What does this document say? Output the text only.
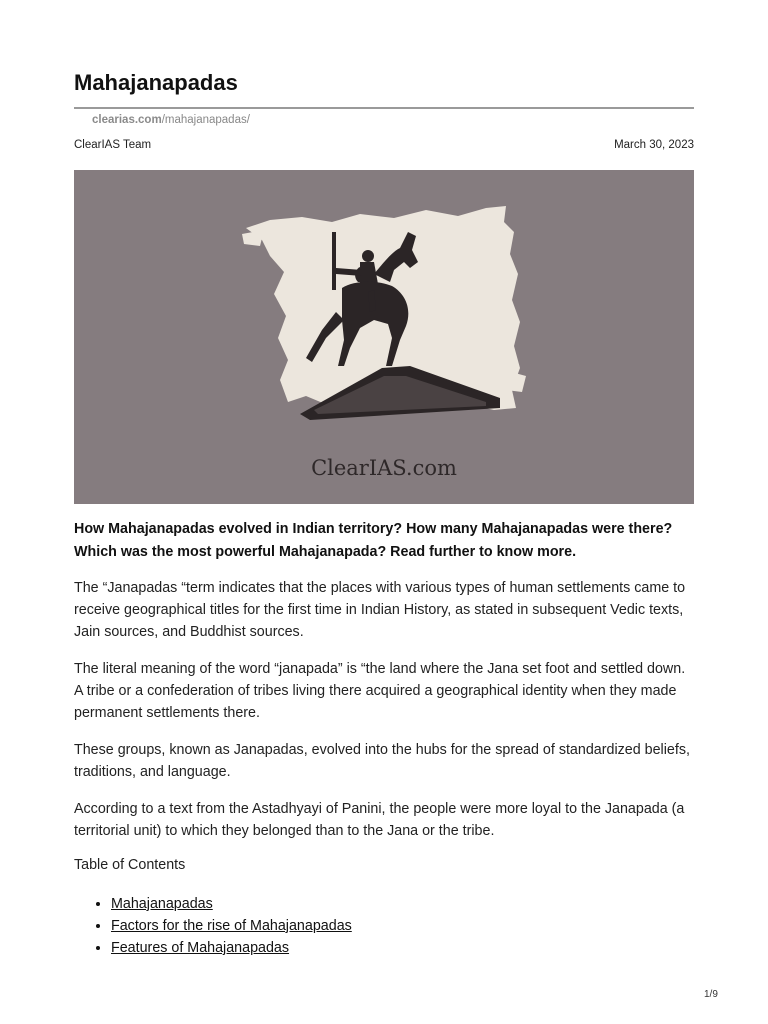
Mahajanapadas
clearias.com/mahajanapadas/
ClearIAS Team	March 30, 2023
ClearIAS.com

How Mahajanapadas evolved in Indian territory? How many Mahajanapadas were there? Which was the most powerful Mahajanapada? Read further to know more.

The “Janapadas “term indicates that the places with various types of human settlements came to receive geographical titles for the first time in Indian History, as stated in subsequent Vedic texts, Jain sources, and Buddhist sources.

The literal meaning of the word “janapada” is “the land where the Jana set foot and settled down. A tribe or a confederation of tribes living there acquired a geographical identity when they made permanent settlements there.

These groups, known as Janapadas, evolved into the hubs for the spread of standardized beliefs, traditions, and language.

According to a text from the Astadhyayi of Panini, the people were more loyal to the Janapada (a territorial unit) to which they belonged than to the Jana or the tribe.

Table of Contents

• Mahajanapadas
• Factors for the rise of Mahajanapadas
• Features of Mahajanapadas
1/9
